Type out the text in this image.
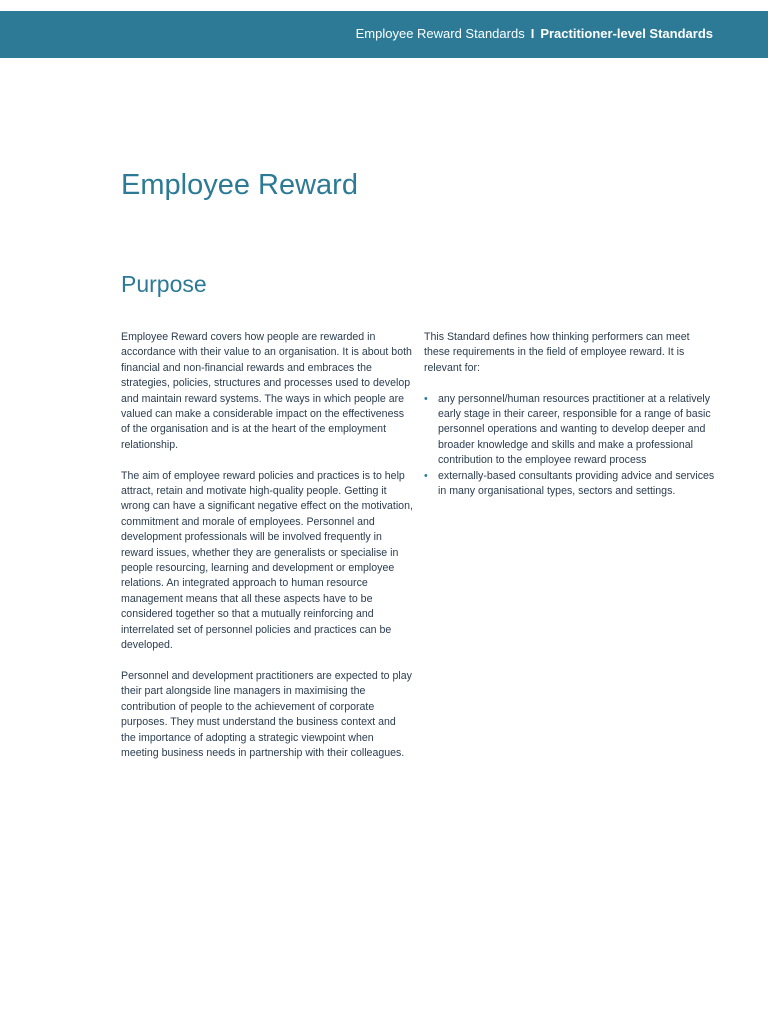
Employee Reward Standards I Practitioner-level Standards
Employee Reward
Purpose

Employee Reward covers how people are rewarded in accordance with their value to an organisation. It is about both financial and non-financial rewards and embraces the strategies, policies, structures and processes used to develop and maintain reward systems. The ways in which people are valued can make a considerable impact on the effectiveness of the organisation and is at the heart of the employment relationship.

The aim of employee reward policies and practices is to help attract, retain and motivate high-quality people. Getting it wrong can have a significant negative effect on the motivation, commitment and morale of employees. Personnel and development professionals will be involved frequently in reward issues, whether they are generalists or specialise in people resourcing, learning and development or employee relations. An integrated approach to human resource management means that all these aspects have to be considered together so that a mutually reinforcing and interrelated set of personnel policies and practices can be developed.

Personnel and development practitioners are expected to play their part alongside line managers in maximising the contribution of people to the achievement of corporate purposes. They must understand the business context and the importance of adopting a strategic viewpoint when meeting business needs in partnership with their colleagues.

This Standard defines how thinking performers can meet these requirements in the field of employee reward. It is relevant for:

• any personnel/human resources practitioner at a relatively early stage in their career, responsible for a range of basic personnel operations and wanting to develop deeper and broader knowledge and skills and make a professional contribution to the employee reward process
• externally-based consultants providing advice and services in many organisational types, sectors and settings.
